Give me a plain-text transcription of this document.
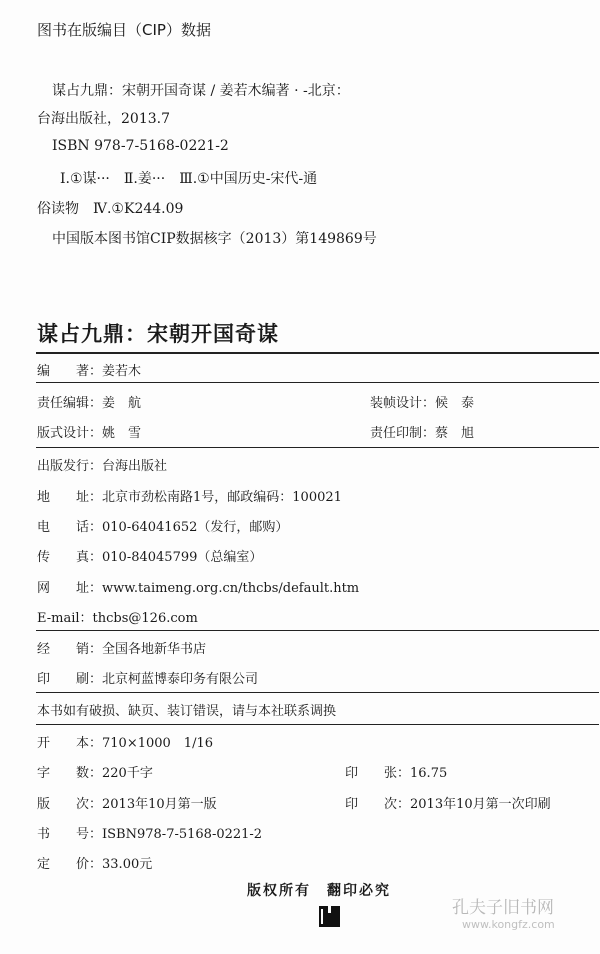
图书在版编目（CIP）数据
谋占九鼎：宋朝开国奇谋 / 姜若木编著 · -北京：
台海出版社，2013.7
ISBN 978-7-5168-0221-2
Ⅰ.①谋···　Ⅱ.姜···　Ⅲ.①中国历史-宋代-通
俗读物　Ⅳ.①K244.09
中国版本图书馆CIP数据核字（2013）第149869号
谋占九鼎：宋朝开国奇谋
编　　著：姜若木
责任编辑：姜　航	装帧设计：候　泰
版式设计：姚　雪	责任印制：蔡　旭
出版发行：台海出版社
地　　址：北京市劲松南路1号，邮政编码：100021
电　　话：010-64041652（发行，邮购）
传　　真：010-84045799（总编室）
网　　址：www.taimeng.org.cn/thcbs/default.htm
E-mail：thcbs@126.com
经　　销：全国各地新华书店
印　　刷：北京柯蓝博泰印务有限公司
本书如有破损、缺页、装订错误，请与本社联系调换
开　　本：710×1000　1/16
字　　数：220千字	印　　张：16.75
版　　次：2013年10月第一版	印　　次：2013年10月第一次印刷
书　　号：ISBN978-7-5168-0221-2
定　　价：33.00元
版权所有　翻印必究
孔夫子旧书网
www.kongfz.com
